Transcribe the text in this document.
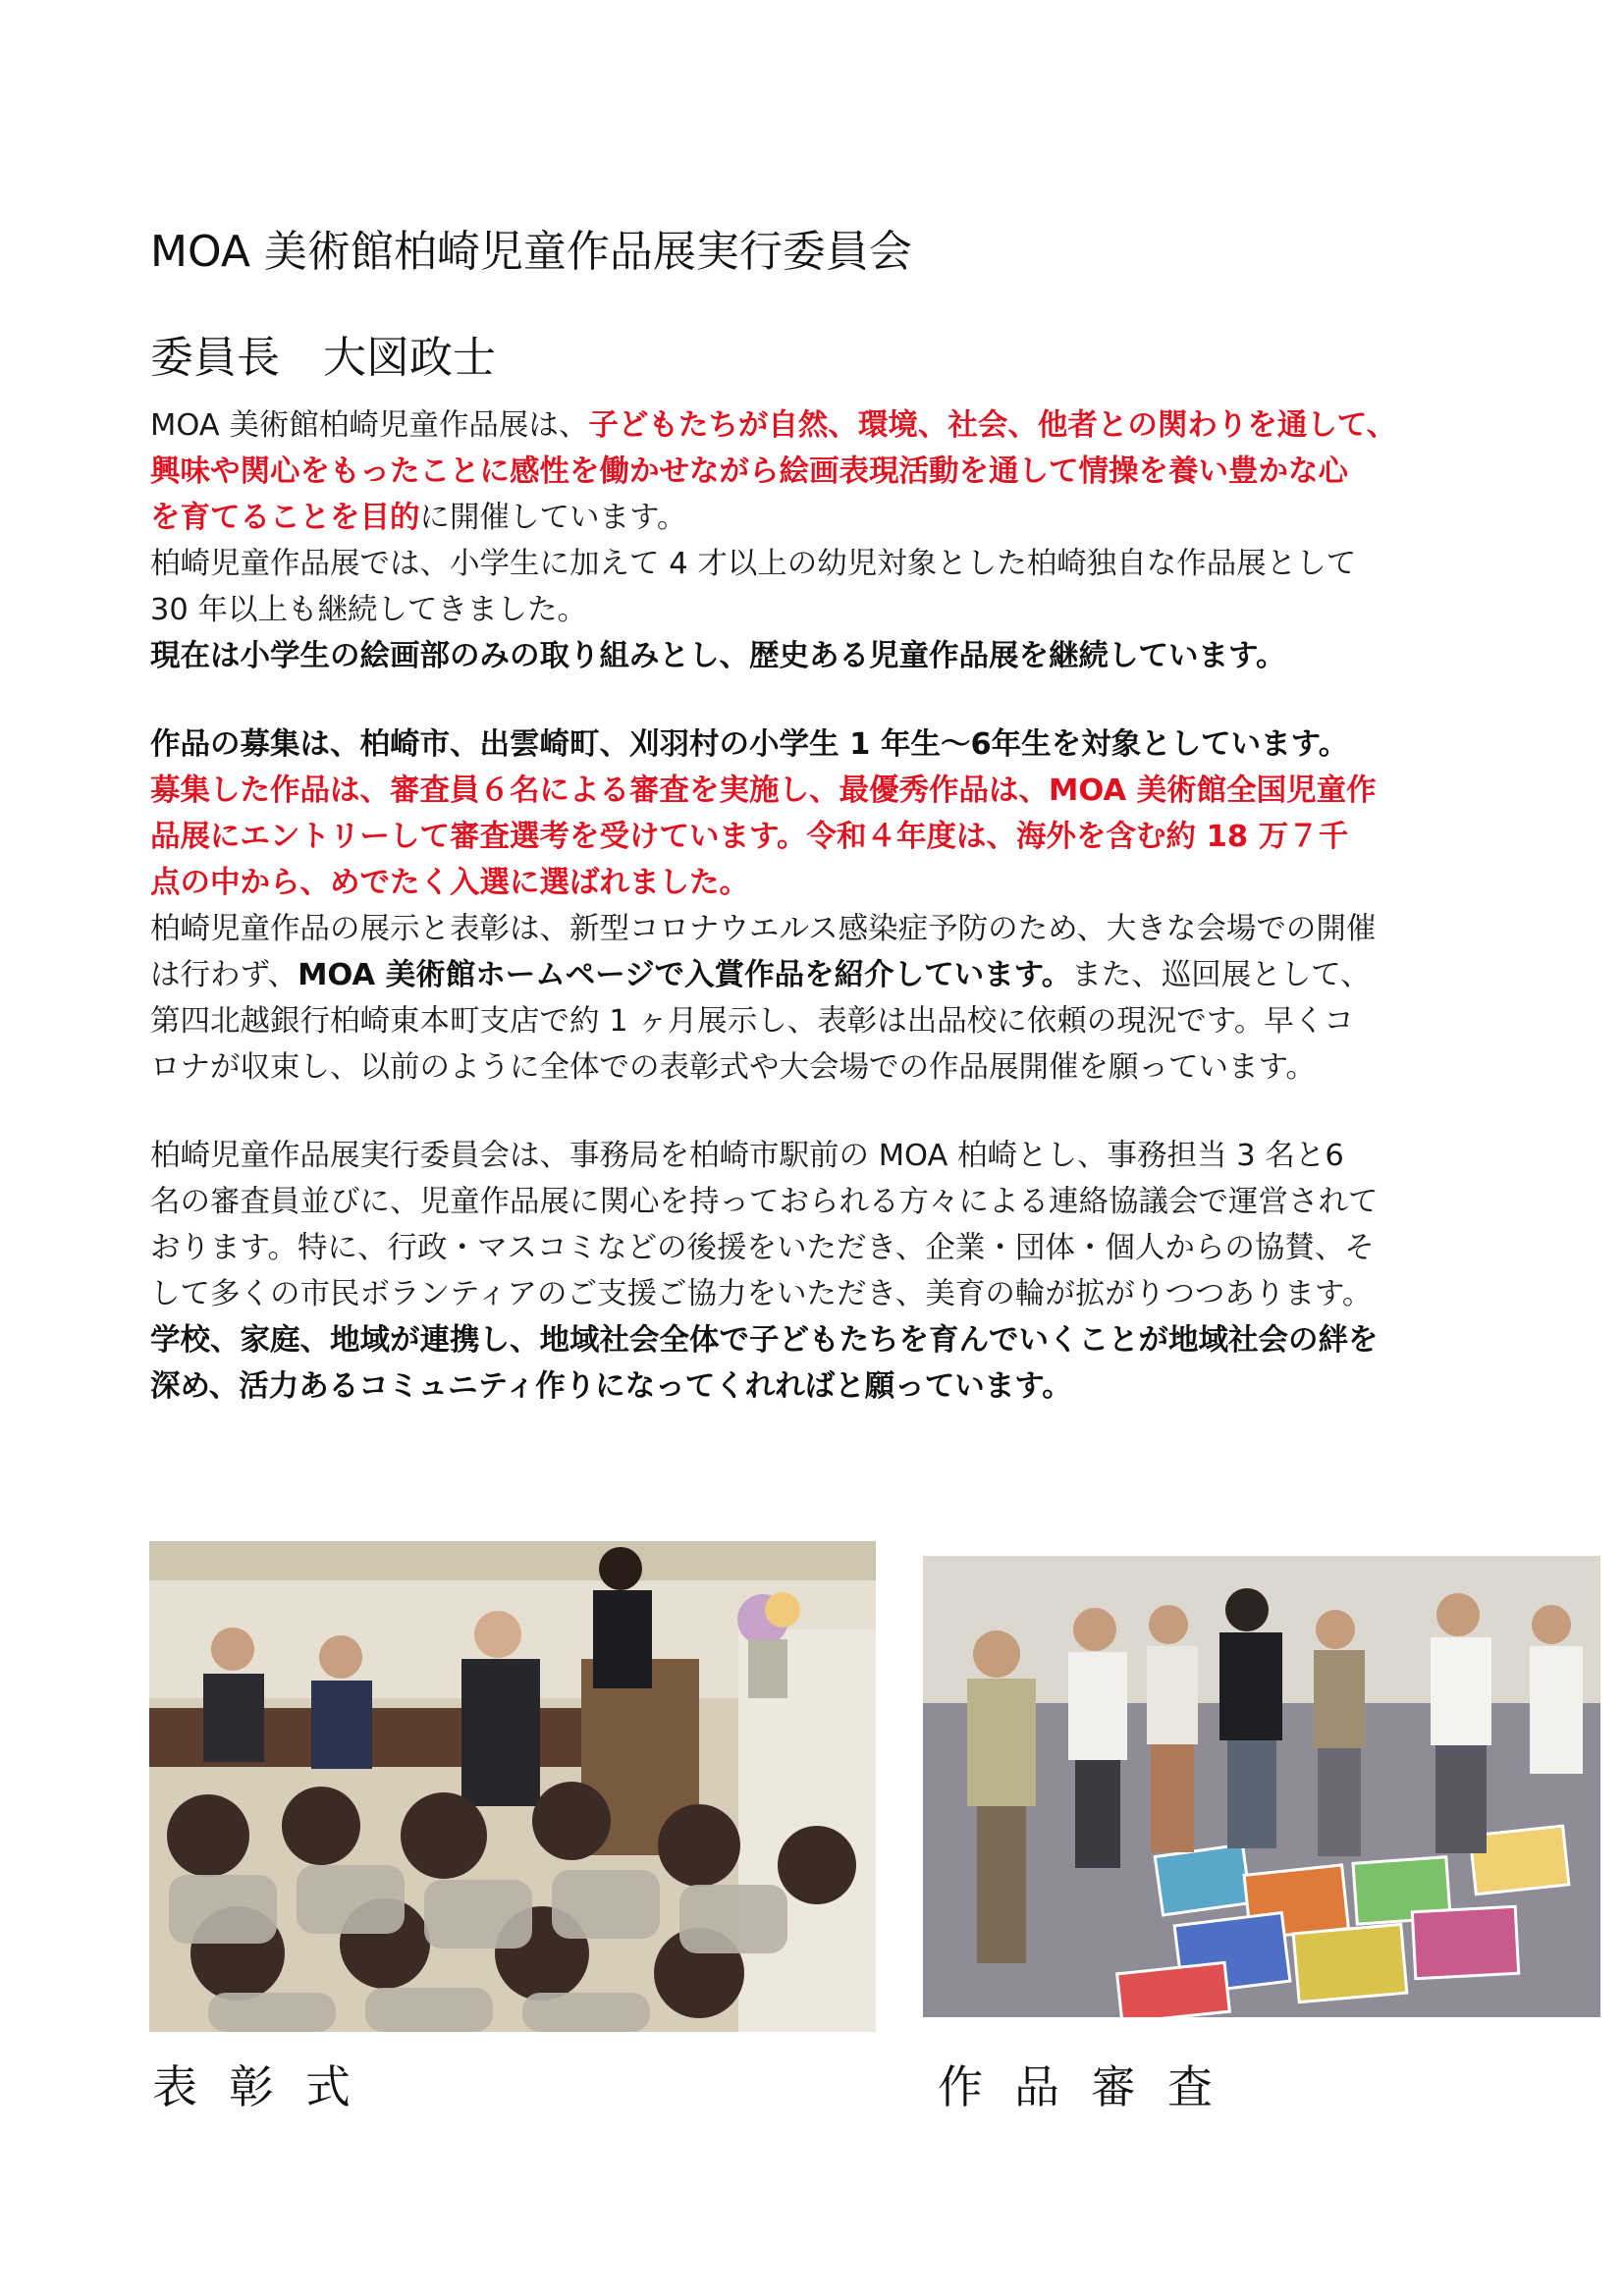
MOA 美術館柏崎児童作品展実行委員会
委員長　大図政士
MOA 美術館柏崎児童作品展は、子どもたちが自然、環境、社会、他者との関わりを通して、
興味や関心をもったことに感性を働かせながら絵画表現活動を通して情操を養い豊かな心
を育てることを目的に開催しています。
柏崎児童作品展では、小学生に加えて 4 才以上の幼児対象とした柏崎独自な作品展として
30 年以上も継続してきました。
現在は小学生の絵画部のみの取り組みとし、歴史ある児童作品展を継続しています。
作品の募集は、柏崎市、出雲崎町、刈羽村の小学生 1 年生～6年生を対象としています。
募集した作品は、審査員６名による審査を実施し、最優秀作品は、MOA 美術館全国児童作
品展にエントリーして審査選考を受けています。令和４年度は、海外を含む約 18 万７千
点の中から、めでたく入選に選ばれました。
柏崎児童作品の展示と表彰は、新型コロナウエルス感染症予防のため、大きな会場での開催
は行わず、MOA 美術館ホームページで入賞作品を紹介しています。また、巡回展として、
第四北越銀行柏崎東本町支店で約 1 ヶ月展示し、表彰は出品校に依頼の現況です。早くコ
ロナが収束し、以前のように全体での表彰式や大会場での作品展開催を願っています。
柏崎児童作品展実行委員会は、事務局を柏崎市駅前の MOA 柏崎とし、事務担当 3 名と6
名の審査員並びに、児童作品展に関心を持っておられる方々による連絡協議会で運営されて
おります。特に、行政・マスコミなどの後援をいただき、企業・団体・個人からの協賛、そ
して多くの市民ボランティアのご支援ご協力をいただき、美育の輪が拡がりつつあります。
学校、家庭、地域が連携し、地域社会全体で子どもたちを育んでいくことが地域社会の絆を
深め、活力あるコミュニティ作りになってくれればと願っています。
表彰式	作品審査
